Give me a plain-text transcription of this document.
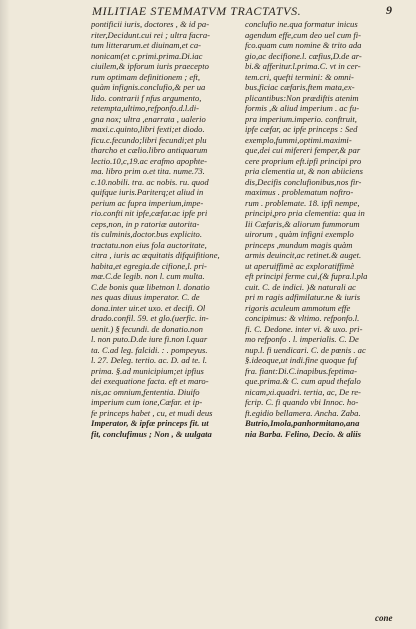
MILITIAE STEMMATVM TRACTATVS.	9
pontificii iuris, doctores , & id pa-
riter,Decidunt.cui rei ; ultra facra-
tum litterarum.et diuinam,et ca-
nonicam(et c.primi.prima.Di.iac
ciuilem,& ipforum iuris praecepto
rum optimam definitionem ; eft,
quàm infignis.conclufio,& per ua
lido. contrarii f nfus argumento,
retempta,ultimo,refponfo.d.l.di-
gna nox; ultra ,enarrata , ualerio
maxi.c.quinto,libri fexti;et diodo.
ficu.c.fecundo;libri fecundi;et plu
tharcho et cælio.libro antiquarum
lectio.10,c,19.ac erafmo apophte-
ma. libro prim o.et tita. nume.73.
c.10.nobili. tra. ac nobis. ru. quod
quifque iuris.Pariterq;et aliud in
perium ac fupra imperium,impe-
rio.confti nit ipfe,cæfar.ac ipfe pri
ceps,non, in p ratoriæ autorita-
tis culminis,doctor.bus explicito.
tractatu.non eius fola auctoritate,
citra , iuris ac æquitatis difquifitione,
habita,et egregia.de cifione,l. pri-
mæ.C.de legib. non l. cum multa.
C.de bonis quæ libetnon l. donatio
nes quas diuus imperator. C. de
dona.inter uir.et uxo. et decifi. Ol
drado.confil. 59. et glo.(uerfic. in-
uenit.) § fecundi. de donatio.non
l. non puto.D.de iure fi.non l.quar
ta. C.ad leg. falcidi. : . pompeyus.
l. 27. Deleg. tertio. ac. D. ad te. l.
prima. §.ad municipium;et ipfius
dei exequatione facta. eft et maro-
nis,ac omnium,fententia. Diuifo
imperium cum ione,Cæfar. et ip-
fe princeps habet , cu, et mudi deus
Imperator, & ipfæ princeps fit. ut
fit, conclufimus ; Non , & uulgata
conclufio ne.qua formatur inicus
agendum effe,cum deo uel cum fi-
fco.quam cum nomine & trito ada
gio,ac decifione.l. cæfius,D.de ar-
bi.& afferitur.l.prima.C. vt in cer-
tem.cri, quefti termini: & omni-
bus,ficiac cæfaris,ftem mata,ex-
plicantibus:Non prædiftis atenim
formis ,& aliud imperium . ac fu-
pra imperium.imperio. conftruit,
ipfe cæfar, ac ipfe princeps : Sed
exemplo,fummi,optimi.maximi-
que,dei cui mifereri femper,& par
cere proprium eft.ipfi principi pro
pria clementia ut, & non abiiciens
dis,Decifis conclufionibus,nos fir-
maximus . problematum noftro-
rum . problemate. 18. ipfi nempe,
principi,pro pria clementia: qua in
Iii Cæfaris,& aliorum fummorum
uirorum , quàm infigni exemplo
princeps ,mundum magis quàm
armis deuincit,ac retinet.& auget.
ut aperuiffimè ac exploratiffimè
eft principi ferme cui,(& fupra.l.pla
cuit. C. de indici. )& naturali ac
pri m ragis adfimilatur.ne & iuris
rigoris aculeum ammotum effe
concipimus: & vltimo. refponfo.l.
fi. C. Dedone. inter vi. & uxo. pri-
mo refponfo . l. imperialis. C. De
nup.l. fi uendicari. C. de pœnis . ac
§.ideoque,ut indi.fine quoque fuf
fra. fiant:Di.C.inapibus.feptima-
que.prima.& C. cum apud thefalo
nicam,xi.quadri. tertia, ac, De re-
fcrip. C. fi quando vbi Innoc. ho-
ft.egidio bellamera. Ancha. Zaba.
Butrio,Imola,panhormitano,ana
nia Barba. Felino, Decio. & aliis
cone
